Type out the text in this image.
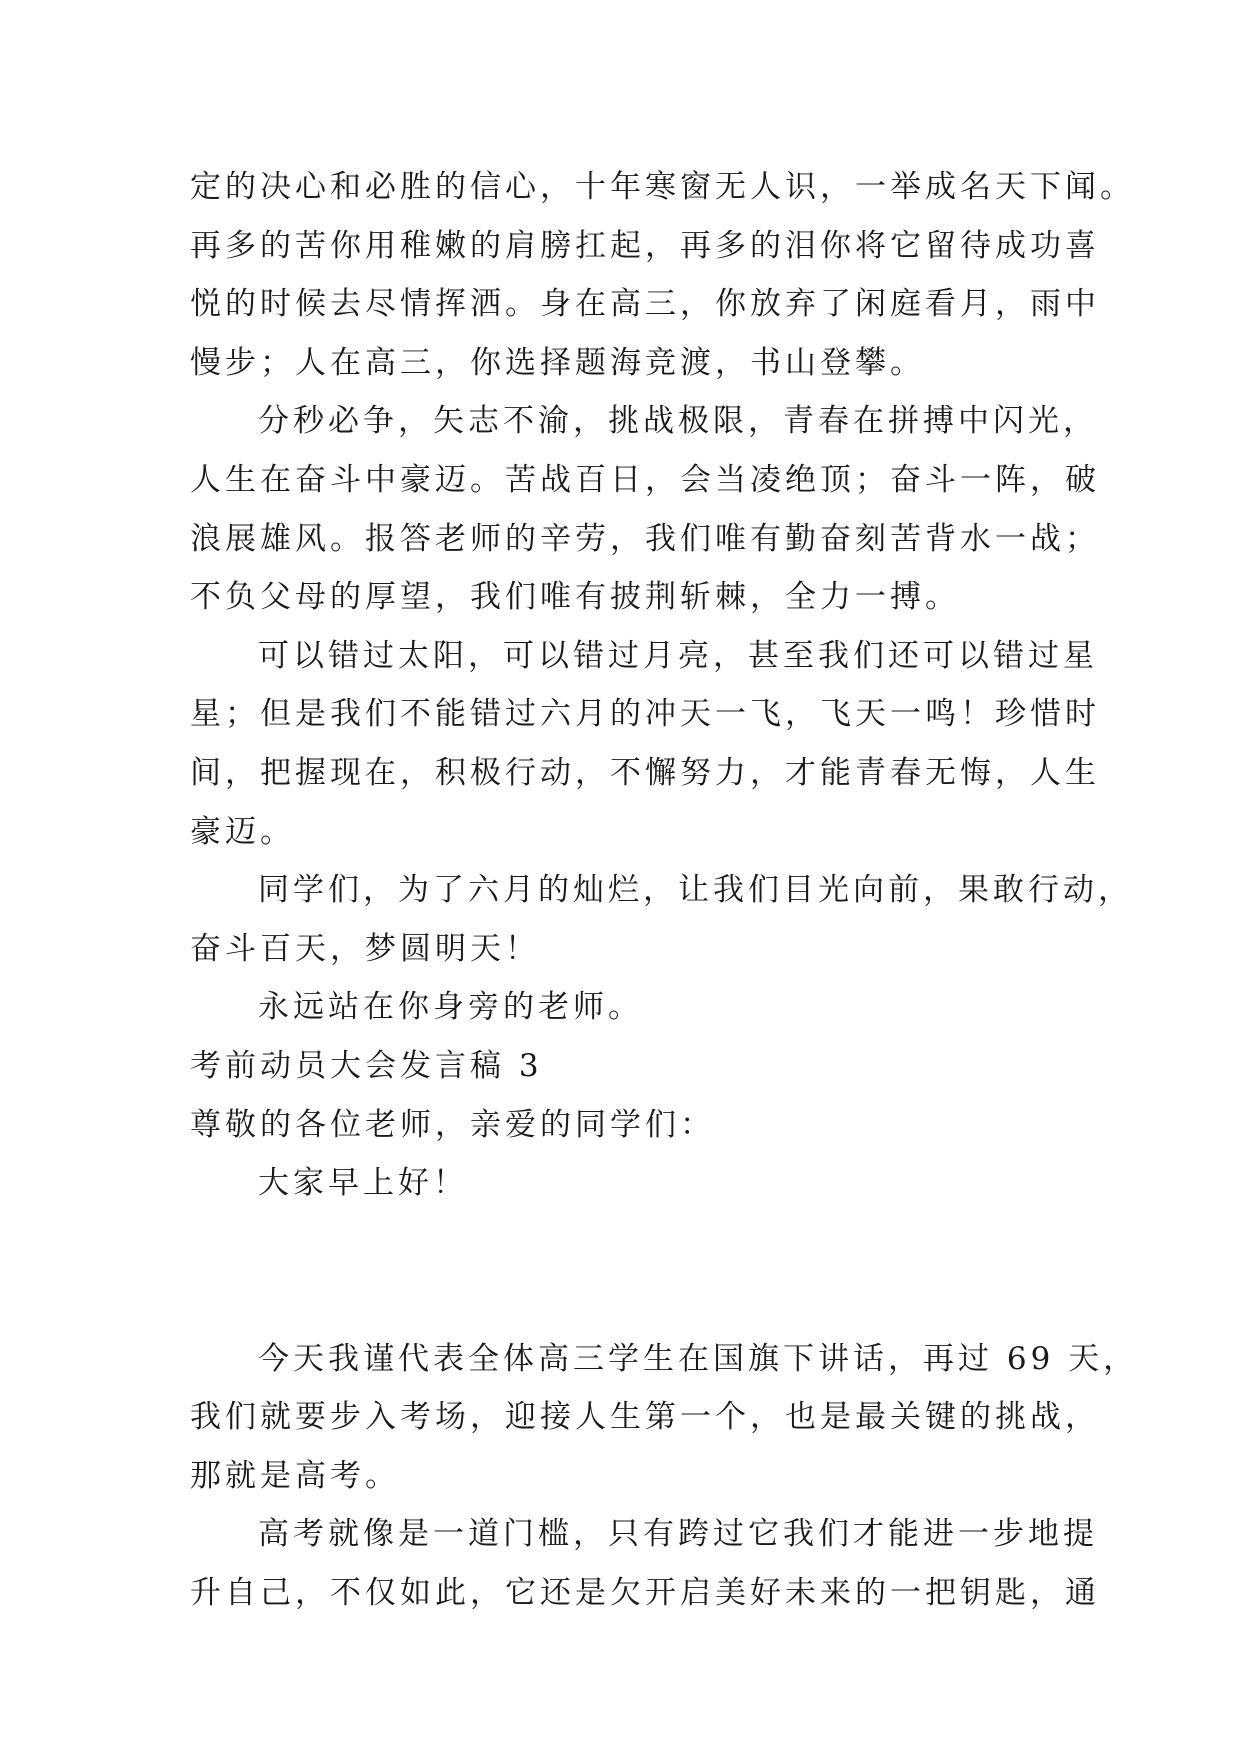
定的决心和必胜的信心，十年寒窗无人识，一举成名天下闻。
再多的苦你用稚嫩的肩膀扛起，再多的泪你将它留待成功喜
悦的时候去尽情挥洒。身在高三，你放弃了闲庭看月，雨中
慢步；人在高三，你选择题海竞渡，书山登攀。
分秒必争，矢志不渝，挑战极限，青春在拼搏中闪光，
人生在奋斗中豪迈。苦战百日，会当凌绝顶；奋斗一阵，破
浪展雄风。报答老师的辛劳，我们唯有勤奋刻苦背水一战；
不负父母的厚望，我们唯有披荆斩棘，全力一搏。
可以错过太阳，可以错过月亮，甚至我们还可以错过星
星；但是我们不能错过六月的冲天一飞，飞天一鸣！珍惜时
间，把握现在，积极行动，不懈努力，才能青春无悔，人生
豪迈。
同学们，为了六月的灿烂，让我们目光向前，果敢行动，
奋斗百天，梦圆明天！
永远站在你身旁的老师。
考前动员大会发言稿 3
尊敬的各位老师，亲爱的同学们：
大家早上好！
今天我谨代表全体高三学生在国旗下讲话，再过 69 天，
我们就要步入考场，迎接人生第一个，也是最关键的挑战，
那就是高考。
高考就像是一道门槛，只有跨过它我们才能进一步地提
升自己，不仅如此，它还是欠开启美好未来的一把钥匙，通
